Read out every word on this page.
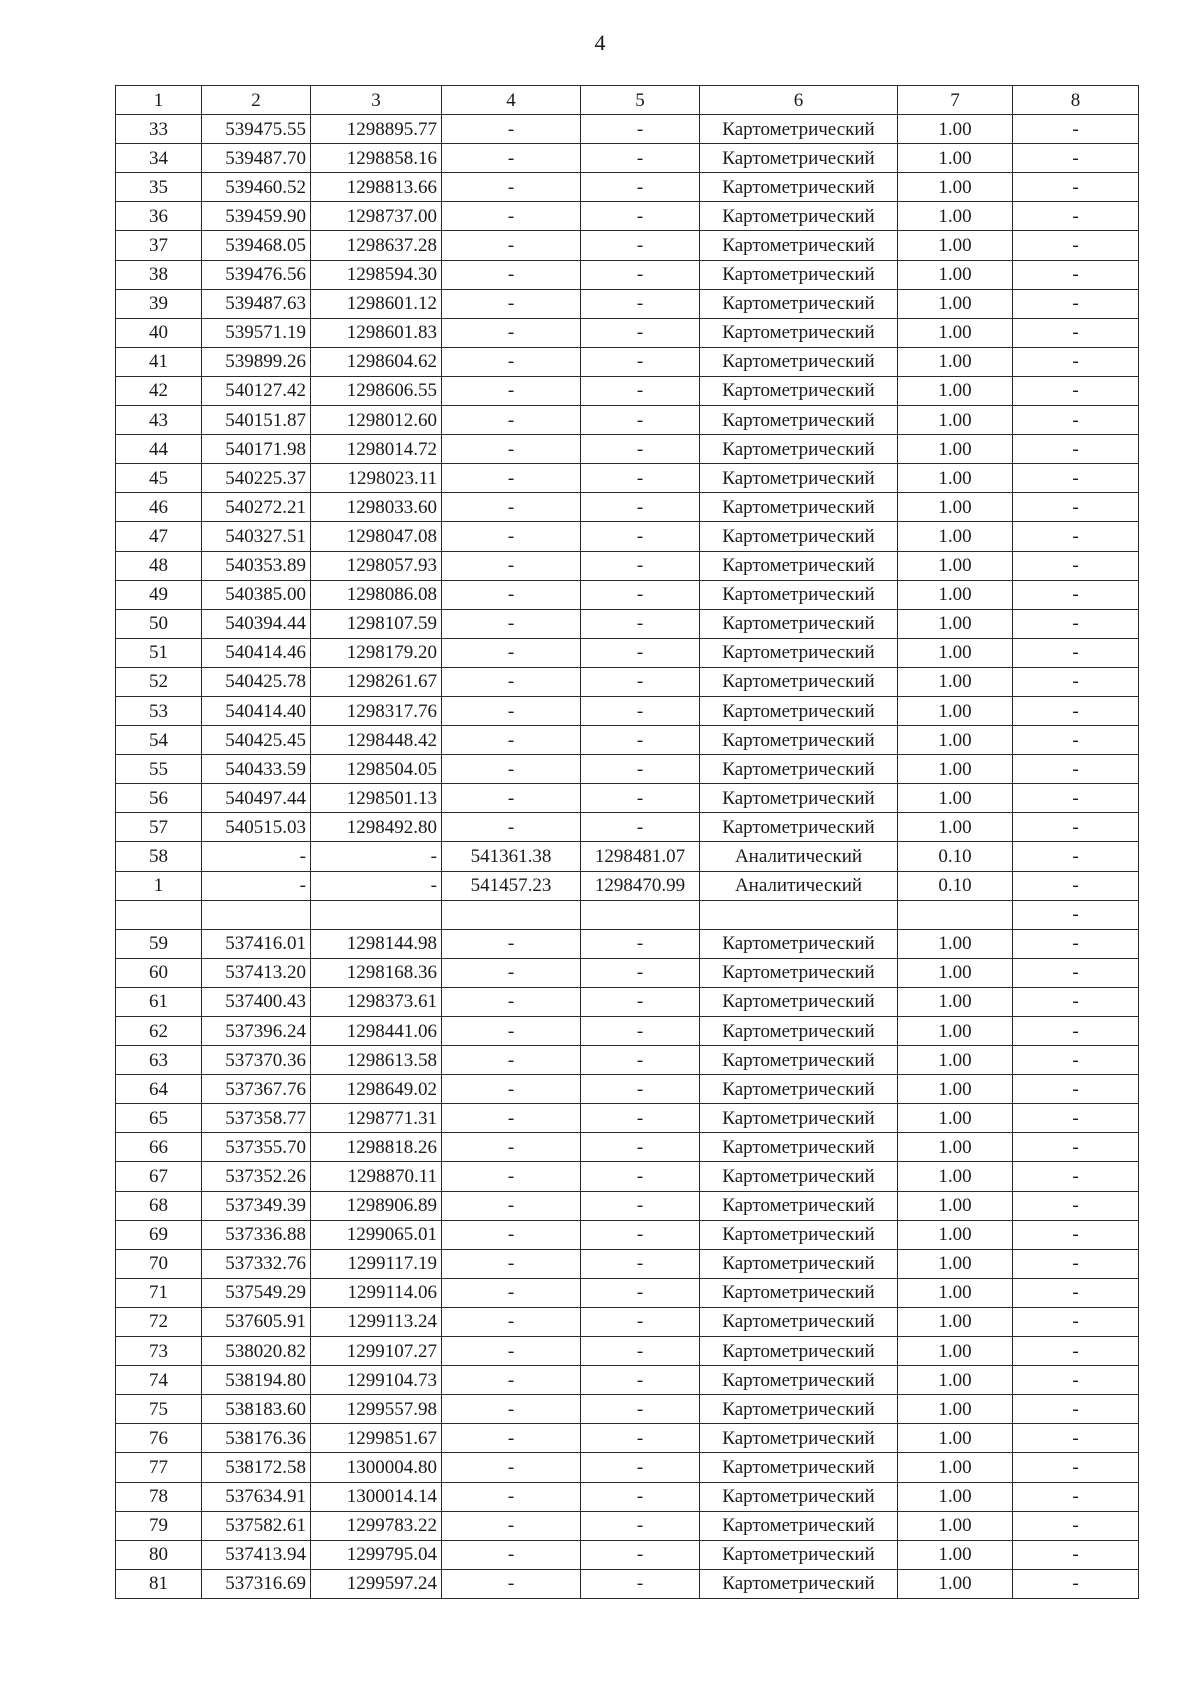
4
1	2	3	4	5	6	7	8
33	539475.55	1298895.77	-	-	Картометрический	1.00	-
34	539487.70	1298858.16	-	-	Картометрический	1.00	-
35	539460.52	1298813.66	-	-	Картометрический	1.00	-
36	539459.90	1298737.00	-	-	Картометрический	1.00	-
37	539468.05	1298637.28	-	-	Картометрический	1.00	-
38	539476.56	1298594.30	-	-	Картометрический	1.00	-
39	539487.63	1298601.12	-	-	Картометрический	1.00	-
40	539571.19	1298601.83	-	-	Картометрический	1.00	-
41	539899.26	1298604.62	-	-	Картометрический	1.00	-
42	540127.42	1298606.55	-	-	Картометрический	1.00	-
43	540151.87	1298012.60	-	-	Картометрический	1.00	-
44	540171.98	1298014.72	-	-	Картометрический	1.00	-
45	540225.37	1298023.11	-	-	Картометрический	1.00	-
46	540272.21	1298033.60	-	-	Картометрический	1.00	-
47	540327.51	1298047.08	-	-	Картометрический	1.00	-
48	540353.89	1298057.93	-	-	Картометрический	1.00	-
49	540385.00	1298086.08	-	-	Картометрический	1.00	-
50	540394.44	1298107.59	-	-	Картометрический	1.00	-
51	540414.46	1298179.20	-	-	Картометрический	1.00	-
52	540425.78	1298261.67	-	-	Картометрический	1.00	-
53	540414.40	1298317.76	-	-	Картометрический	1.00	-
54	540425.45	1298448.42	-	-	Картометрический	1.00	-
55	540433.59	1298504.05	-	-	Картометрический	1.00	-
56	540497.44	1298501.13	-	-	Картометрический	1.00	-
57	540515.03	1298492.80	-	-	Картометрический	1.00	-
58	-	-	541361.38	1298481.07	Аналитический	0.10	-
1	-	-	541457.23	1298470.99	Аналитический	0.10	-
							-
59	537416.01	1298144.98	-	-	Картометрический	1.00	-
60	537413.20	1298168.36	-	-	Картометрический	1.00	-
61	537400.43	1298373.61	-	-	Картометрический	1.00	-
62	537396.24	1298441.06	-	-	Картометрический	1.00	-
63	537370.36	1298613.58	-	-	Картометрический	1.00	-
64	537367.76	1298649.02	-	-	Картометрический	1.00	-
65	537358.77	1298771.31	-	-	Картометрический	1.00	-
66	537355.70	1298818.26	-	-	Картометрический	1.00	-
67	537352.26	1298870.11	-	-	Картометрический	1.00	-
68	537349.39	1298906.89	-	-	Картометрический	1.00	-
69	537336.88	1299065.01	-	-	Картометрический	1.00	-
70	537332.76	1299117.19	-	-	Картометрический	1.00	-
71	537549.29	1299114.06	-	-	Картометрический	1.00	-
72	537605.91	1299113.24	-	-	Картометрический	1.00	-
73	538020.82	1299107.27	-	-	Картометрический	1.00	-
74	538194.80	1299104.73	-	-	Картометрический	1.00	-
75	538183.60	1299557.98	-	-	Картометрический	1.00	-
76	538176.36	1299851.67	-	-	Картометрический	1.00	-
77	538172.58	1300004.80	-	-	Картометрический	1.00	-
78	537634.91	1300014.14	-	-	Картометрический	1.00	-
79	537582.61	1299783.22	-	-	Картометрический	1.00	-
80	537413.94	1299795.04	-	-	Картометрический	1.00	-
81	537316.69	1299597.24	-	-	Картометрический	1.00	-
